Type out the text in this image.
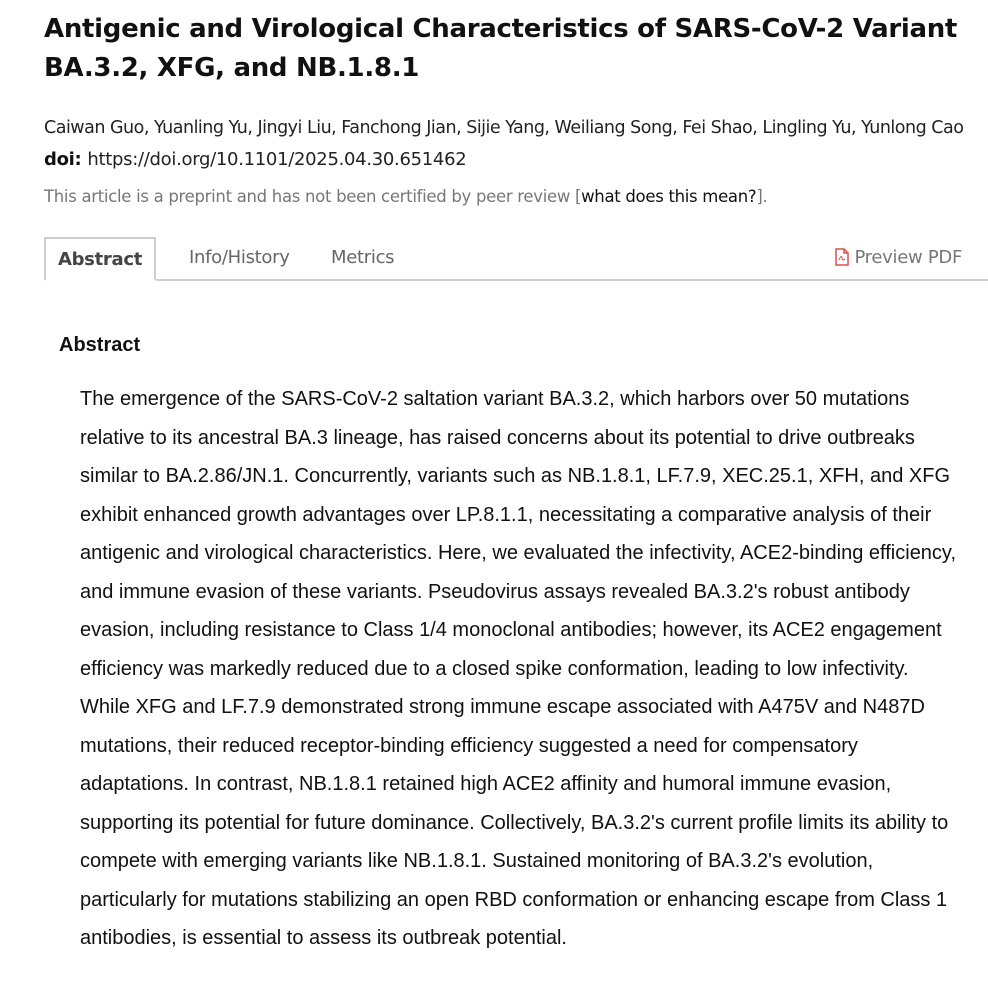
Antigenic and Virological Characteristics of SARS-CoV-2 Variant BA.3.2, XFG, and NB.1.8.1
Caiwan Guo, Yuanling Yu, Jingyi Liu, Fanchong Jian, Sijie Yang, Weiliang Song, Fei Shao, Lingling Yu, Yunlong Cao
doi: https://doi.org/10.1101/2025.04.30.651462
This article is a preprint and has not been certified by peer review [what does this mean?].
Abstract	Info/History Metrics	Preview PDF
Abstract

The emergence of the SARS-CoV-2 saltation variant BA.3.2, which harbors over 50 mutations relative to its ancestral BA.3 lineage, has raised concerns about its potential to drive outbreaks similar to BA.2.86/JN.1. Concurrently, variants such as NB.1.8.1, LF.7.9, XEC.25.1, XFH, and XFG exhibit enhanced growth advantages over LP.8.1.1, necessitating a comparative analysis of their antigenic and virological characteristics. Here, we evaluated the infectivity, ACE2-binding efficiency, and immune evasion of these variants. Pseudovirus assays revealed BA.3.2's robust antibody evasion, including resistance to Class 1/4 monoclonal antibodies; however, its ACE2 engagement efficiency was markedly reduced due to a closed spike conformation, leading to low infectivity. While XFG and LF.7.9 demonstrated strong immune escape associated with A475V and N487D mutations, their reduced receptor-binding efficiency suggested a need for compensatory adaptations. In contrast, NB.1.8.1 retained high ACE2 affinity and humoral immune evasion, supporting its potential for future dominance. Collectively, BA.3.2's current profile limits its ability to compete with emerging variants like NB.1.8.1. Sustained monitoring of BA.3.2's evolution, particularly for mutations stabilizing an open RBD conformation or enhancing escape from Class 1 antibodies, is essential to assess its outbreak potential.
